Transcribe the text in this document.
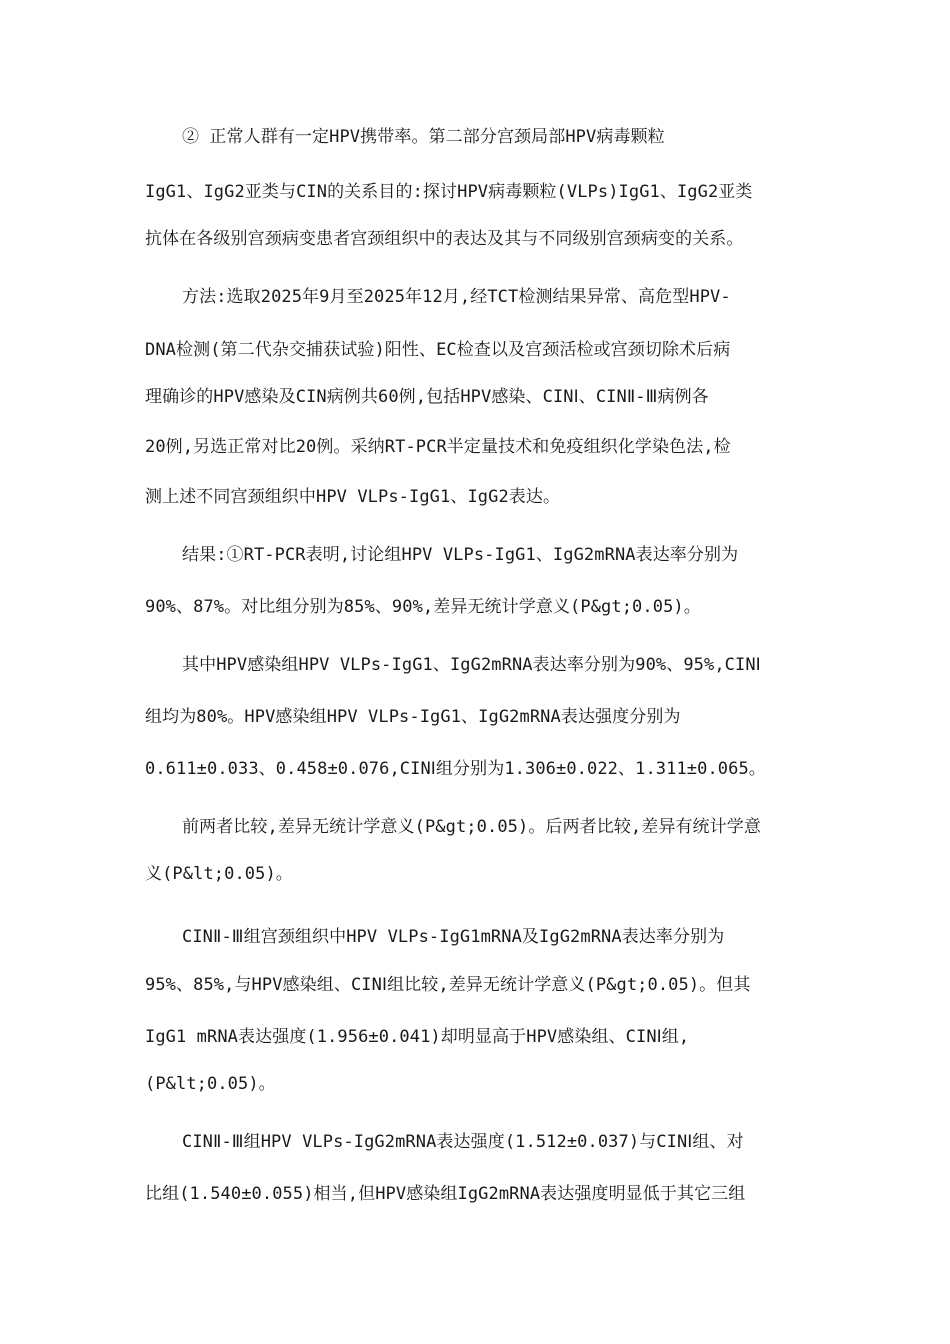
② 正常人群有一定HPV携带率。第二部分宫颈局部HPV病毒颗粒
IgG1、IgG2亚类与CIN的关系目的:探讨HPV病毒颗粒(VLPs)IgG1、IgG2亚类
抗体在各级别宫颈病变患者宫颈组织中的表达及其与不同级别宫颈病变的关系。
方法:选取2025年9月至2025年12月,经TCT检测结果异常、高危型HPV-
DNA检测(第二代杂交捕获试验)阳性、EC检查以及宫颈活检或宫颈切除术后病
理确诊的HPV感染及CIN病例共60例,包括HPV感染、CINⅠ、CINⅡ-Ⅲ病例各
20例,另选正常对比20例。采纳RT-PCR半定量技术和免疫组织化学染色法,检
测上述不同宫颈组织中HPV VLPs-IgG1、IgG2表达。
结果:①RT-PCR表明,讨论组HPV VLPs-IgG1、IgG2mRNA表达率分别为
90%、87%。对比组分别为85%、90%,差异无统计学意义(P&gt;0.05)。
其中HPV感染组HPV VLPs-IgG1、IgG2mRNA表达率分别为90%、95%,CINⅠ
组均为80%。HPV感染组HPV VLPs-IgG1、IgG2mRNA表达强度分别为
0.611±0.033、0.458±0.076,CINⅠ组分别为1.306±0.022、1.311±0.065。
前两者比较,差异无统计学意义(P&gt;0.05)。后两者比较,差异有统计学意
义(P&lt;0.05)。
CINⅡ-Ⅲ组宫颈组织中HPV VLPs-IgG1mRNA及IgG2mRNA表达率分别为
95%、85%,与HPV感染组、CINⅠ组比较,差异无统计学意义(P&gt;0.05)。但其
IgG1 mRNA表达强度(1.956±0.041)却明显高于HPV感染组、CINⅠ组,
(P&lt;0.05)。
CINⅡ-Ⅲ组HPV VLPs-IgG2mRNA表达强度(1.512±0.037)与CINⅠ组、对
比组(1.540±0.055)相当,但HPV感染组IgG2mRNA表达强度明显低于其它三组
